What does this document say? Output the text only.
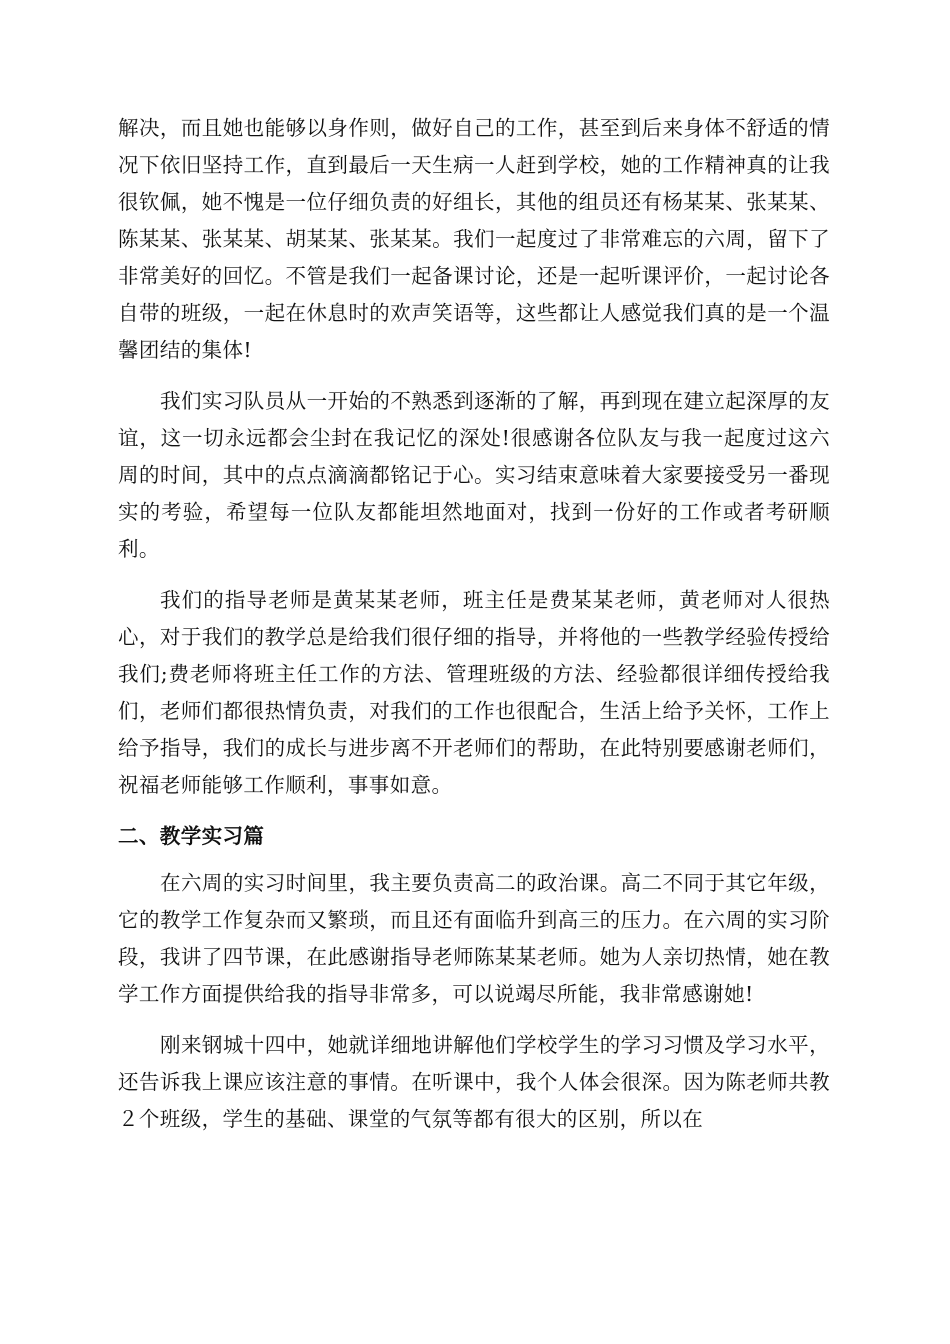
解决，而且她也能够以身作则，做好自己的工作，甚至到后来身体不舒适的情况下依旧坚持工作，直到最后一天生病一人赶到学校，她的工作精神真的让我很钦佩，她不愧是一位仔细负责的好组长，其他的组员还有杨某某、张某某、陈某某、张某某、胡某某、张某某。我们一起度过了非常难忘的六周，留下了非常美好的回忆。不管是我们一起备课讨论，还是一起听课评价，一起讨论各自带的班级，一起在休息时的欢声笑语等，这些都让人感觉我们真的是一个温馨团结的集体!

我们实习队员从一开始的不熟悉到逐渐的了解，再到现在建立起深厚的友谊，这一切永远都会尘封在我记忆的深处!很感谢各位队友与我一起度过这六周的时间，其中的点点滴滴都铭记于心。实习结束意味着大家要接受另一番现实的考验，希望每一位队友都能坦然地面对，找到一份好的工作或者考研顺利。

我们的指导老师是黄某某老师，班主任是费某某老师，黄老师对人很热心，对于我们的教学总是给我们很仔细的指导，并将他的一些教学经验传授给我们;费老师将班主任工作的方法、管理班级的方法、经验都很详细传授给我们，老师们都很热情负责，对我们的工作也很配合，生活上给予关怀，工作上给予指导，我们的成长与进步离不开老师们的帮助，在此特别要感谢老师们，祝福老师能够工作顺利，事事如意。

二、教学实习篇

在六周的实习时间里，我主要负责高二的政治课。高二不同于其它年级，它的教学工作复杂而又繁琐，而且还有面临升到高三的压力。在六周的实习阶段，我讲了四节课，在此感谢指导老师陈某某老师。她为人亲切热情，她在教学工作方面提供给我的指导非常多，可以说竭尽所能，我非常感谢她!

刚来钢城十四中，她就详细地讲解他们学校学生的学习习惯及学习水平，还告诉我上课应该注意的事情。在听课中，我个人体会很深。因为陈老师共教２个班级，学生的基础、课堂的气氛等都有很大的区别，所以在
